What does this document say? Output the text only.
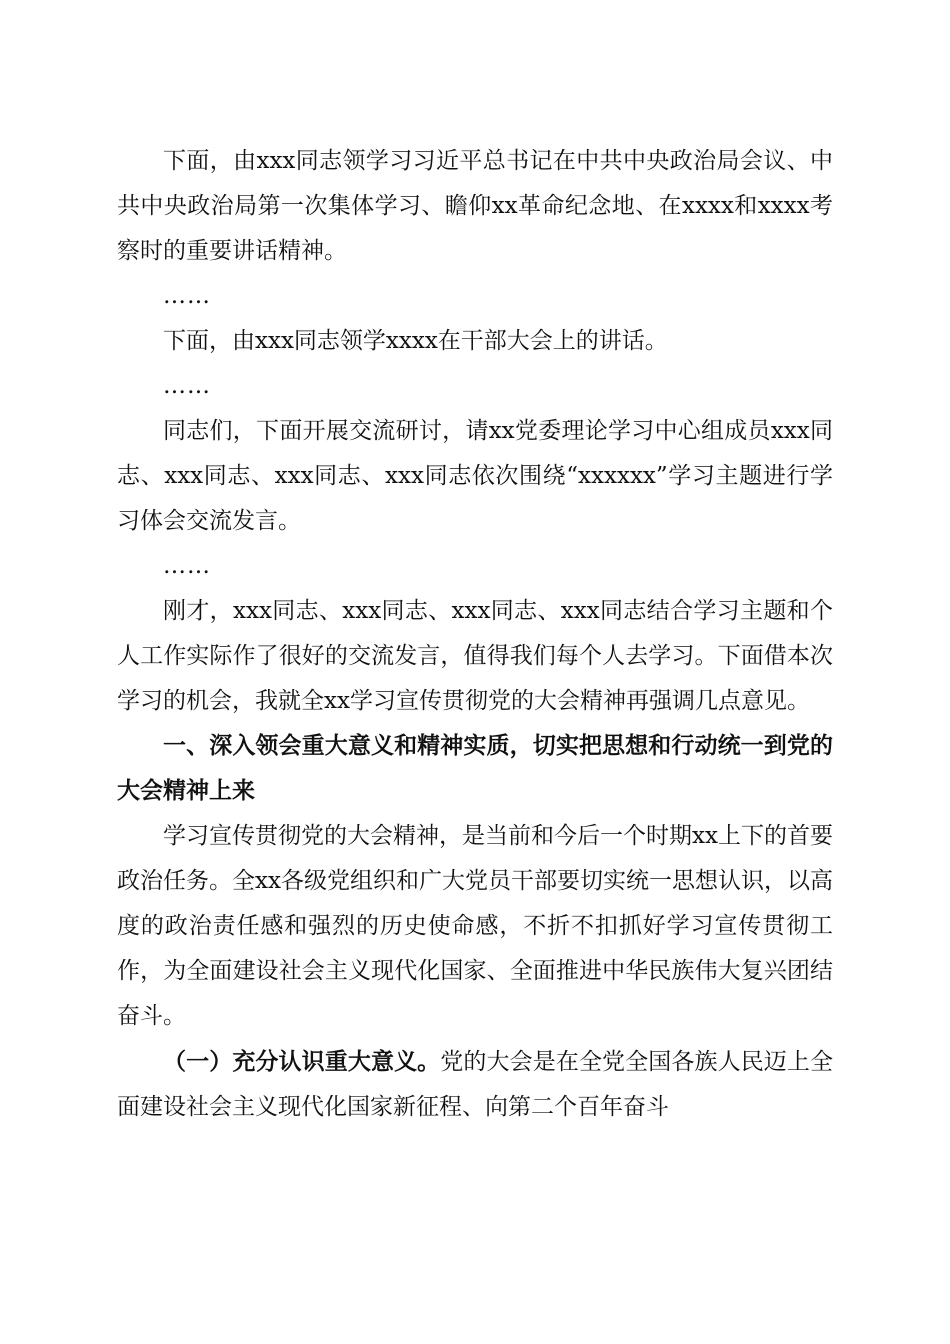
下面，由xxx同志领学习习近平总书记在中共中央政治局会议、中共中央政治局第一次集体学习、瞻仰xx革命纪念地、在xxxx和xxxx考察时的重要讲话精神。

……

下面，由xxx同志领学xxxx在干部大会上的讲话。

……

同志们，下面开展交流研讨，请xx党委理论学习中心组成员xxx同志、xxx同志、xxx同志、xxx同志依次围绕“xxxxxx”学习主题进行学习体会交流发言。

……

刚才，xxx同志、xxx同志、xxx同志、xxx同志结合学习主题和个人工作实际作了很好的交流发言，值得我们每个人去学习。下面借本次学习的机会，我就全xx学习宣传贯彻党的大会精神再强调几点意见。

一、深入领会重大意义和精神实质，切实把思想和行动统一到党的大会精神上来

学习宣传贯彻党的大会精神，是当前和今后一个时期xx上下的首要政治任务。全xx各级党组织和广大党员干部要切实统一思想认识，以高度的政治责任感和强烈的历史使命感，不折不扣抓好学习宣传贯彻工作，为全面建设社会主义现代化国家、全面推进中华民族伟大复兴团结奋斗。

（一）充分认识重大意义。党的大会是在全党全国各族人民迈上全面建设社会主义现代化国家新征程、向第二个百年奋斗
